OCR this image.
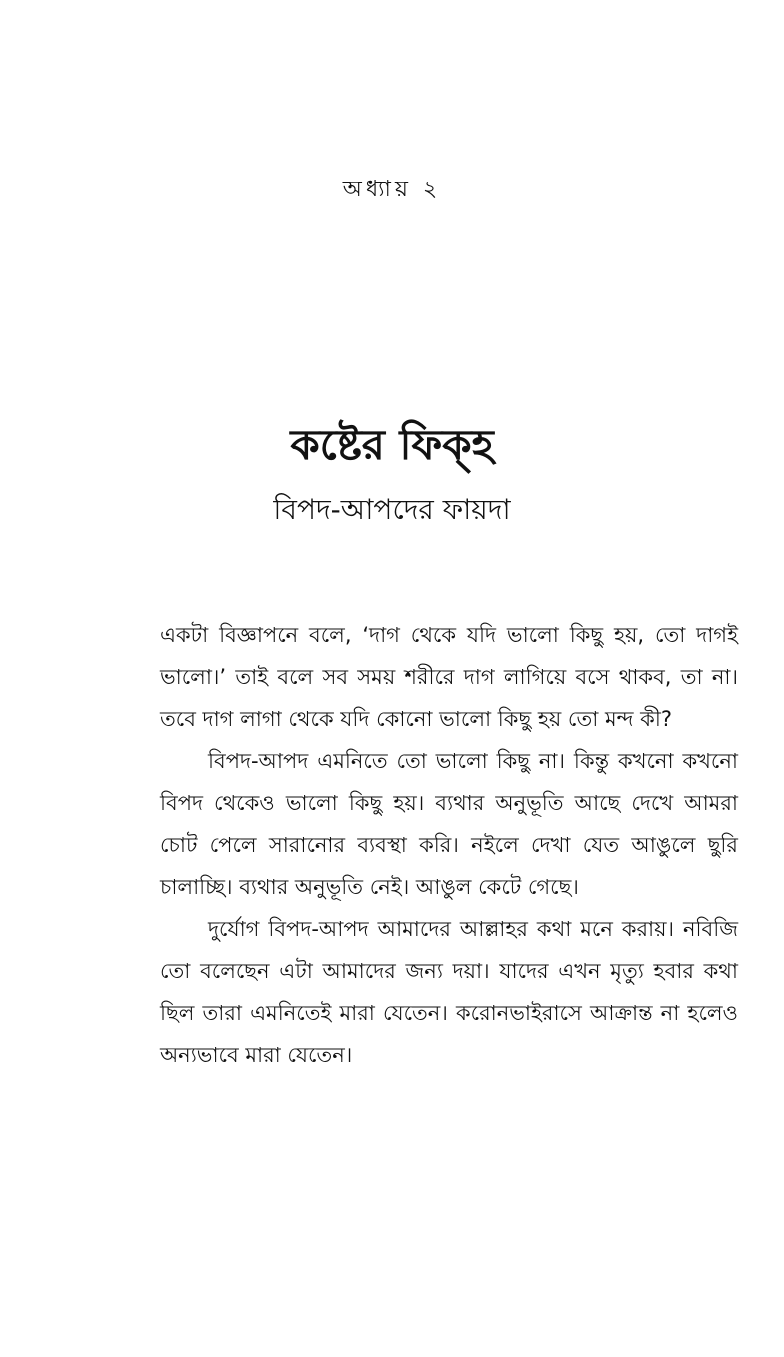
অধ্যায় ২
কষ্টের ফিক্‌হ
বিপদ-আপদের ফায়দা

একটা বিজ্ঞাপনে বলে, ‘দাগ থেকে যদি ভালো কিছু হয়, তো দাগই ভালো।’ তাই বলে সব সময় শরীরে দাগ লাগিয়ে বসে থাকব, তা না। তবে দাগ লাগা থেকে যদি কোনো ভালো কিছু হয় তো মন্দ কী?

বিপদ-আপদ এমনিতে তো ভালো কিছু না। কিন্তু কখনো কখনো বিপদ থেকেও ভালো কিছু হয়। ব্যথার অনুভূতি আছে দেখে আমরা চোট পেলে সারানোর ব্যবস্থা করি। নইলে দেখা যেত আঙুলে ছুরি চালাচ্ছি। ব্যথার অনুভূতি নেই। আঙুল কেটে গেছে।

দুর্যোগ বিপদ-আপদ আমাদের আল্লাহর কথা মনে করায়। নবিজি তো বলেছেন এটা আমাদের জন্য দয়া। যাদের এখন মৃত্যু হবার কথা ছিল তারা এমনিতেই মারা যেতেন। করোনভাইরাসে আক্রান্ত না হলেও অন্যভাবে মারা যেতেন।
